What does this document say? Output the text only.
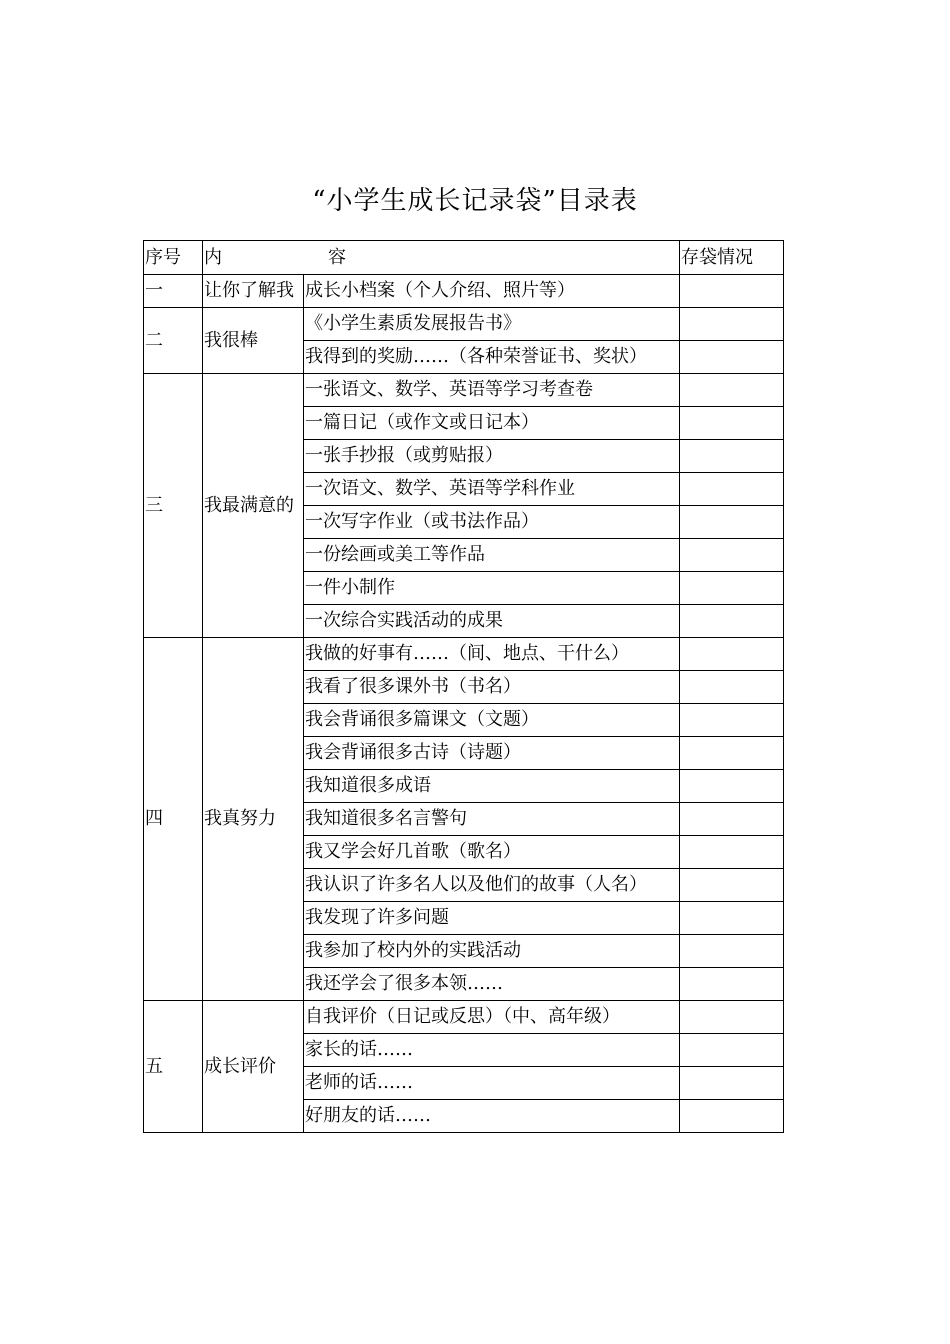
“小学生成长记录袋”目录表
序号	内 容		存袋情况
一	让你了解我	成长小档案（个人介绍、照片等）	
二	我很棒	《小学生素质发展报告书》	
		我得到的奖励……（各种荣誉证书、奖状）	
三	我最满意的	一张语文、数学、英语等学习考查卷	
		一篇日记（或作文或日记本）	
		一张手抄报（或剪贴报）	
		一次语文、数学、英语等学科作业	
		一次写字作业（或书法作品）	
		一份绘画或美工等作品	
		一件小制作	
		一次综合实践活动的成果	
四	我真努力	我做的好事有……（间、地点、干什么）	
		我看了很多课外书（书名）	
		我会背诵很多篇课文（文题）	
		我会背诵很多古诗（诗题）	
		我知道很多成语	
		我知道很多名言警句	
		我又学会好几首歌（歌名）	
		我认识了许多名人以及他们的故事（人名）	
		我发现了许多问题	
		我参加了校内外的实践活动	
		我还学会了很多本领……	
五	成长评价	自我评价（日记或反思）（中、高年级）	
		家长的话……	
		老师的话……	
		好朋友的话……	
